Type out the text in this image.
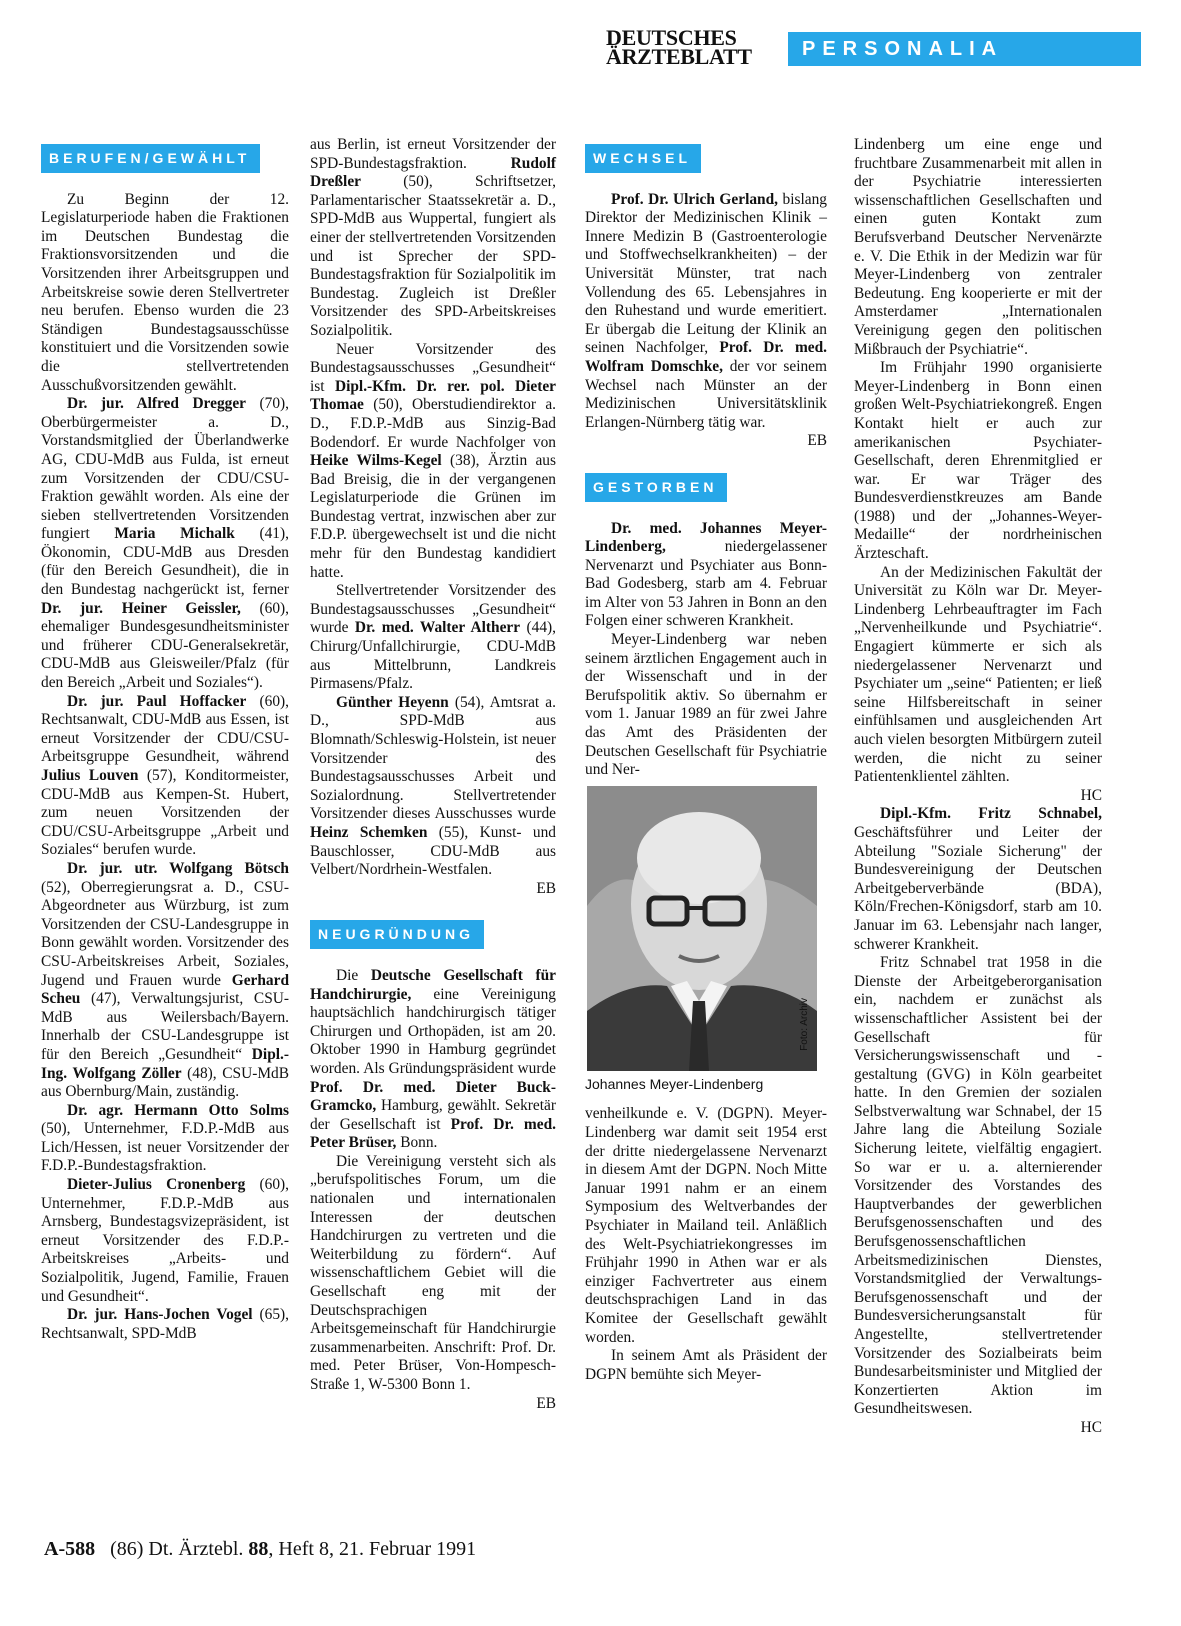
DEUTSCHES
ÄRZTEBLATT	PERSONALIA
BERUFEN/GEWÄHLT

Zu Beginn der 12. Legislaturperiode haben die Fraktionen im Deutschen Bundestag die Fraktionsvorsitzenden und die Vorsitzenden ihrer Arbeitsgruppen und Arbeitskreise sowie deren Stellvertreter neu berufen. Ebenso wurden die 23 Ständigen Bundestagsausschüsse konstituiert und die Vorsitzenden sowie die stellvertretenden Ausschußvorsitzenden gewählt.

Dr. jur. Alfred Dregger (70), Oberbürgermeister a. D., Vorstandsmitglied der Überlandwerke AG, CDU-MdB aus Fulda, ist erneut zum Vorsitzenden der CDU/CSU-Fraktion gewählt worden. Als eine der sieben stellvertretenden Vorsitzenden fungiert Maria Michalk (41), Ökonomin, CDU-MdB aus Dresden (für den Bereich Gesundheit), die in den Bundestag nachgerückt ist, ferner Dr. jur. Heiner Geissler, (60), ehemaliger Bundesgesundheitsminister und früherer CDU-Generalsekretär, CDU-MdB aus Gleisweiler/Pfalz (für den Bereich „Arbeit und Soziales“).

Dr. jur. Paul Hoffacker (60), Rechtsanwalt, CDU-MdB aus Essen, ist erneut Vorsitzender der CDU/CSU-Arbeitsgruppe Gesundheit, während Julius Louven (57), Konditormeister, CDU-MdB aus Kempen-St. Hubert, zum neuen Vorsitzenden der CDU/CSU-Arbeitsgruppe „Arbeit und Soziales“ berufen wurde.

Dr. jur. utr. Wolfgang Bötsch (52), Oberregierungsrat a. D., CSU-Abgeordneter aus Würzburg, ist zum Vorsitzenden der CSU-Landesgruppe in Bonn gewählt worden. Vorsitzender des CSU-Arbeitskreises Arbeit, Soziales, Jugend und Frauen wurde Gerhard Scheu (47), Verwaltungsjurist, CSU-MdB aus Weilersbach/Bayern. Innerhalb der CSU-Landesgruppe ist für den Bereich „Gesundheit“ Dipl.-Ing. Wolfgang Zöller (48), CSU-MdB aus Obernburg/Main, zuständig.

Dr. agr. Hermann Otto Solms (50), Unternehmer, F.D.P.-MdB aus Lich/Hessen, ist neuer Vorsitzender der F.D.P.-Bundestagsfraktion.

Dieter-Julius Cronenberg (60), Unternehmer, F.D.P.-MdB aus Arnsberg, Bundestagsvizepräsident, ist erneut Vorsitzender des F.D.P.-Arbeitskreises „Arbeits- und Sozialpolitik, Jugend, Familie, Frauen und Gesundheit“.

Dr. jur. Hans-Jochen Vogel (65), Rechtsanwalt, SPD-MdB

aus Berlin, ist erneut Vorsitzender der SPD-Bundestagsfraktion. Rudolf Dreßler (50), Schriftsetzer, Parlamentarischer Staatssekretär a. D., SPD-MdB aus Wuppertal, fungiert als einer der stellvertretenden Vorsitzenden und ist Sprecher der SPD-Bundestagsfraktion für Sozialpolitik im Bundestag. Zugleich ist Dreßler Vorsitzender des SPD-Arbeitskreises Sozialpolitik.

Neuer Vorsitzender des Bundestagsausschusses „Gesundheit“ ist Dipl.-Kfm. Dr. rer. pol. Dieter Thomae (50), Oberstudiendirektor a. D., F.D.P.-MdB aus Sinzig-Bad Bodendorf. Er wurde Nachfolger von Heike Wilms-Kegel (38), Ärztin aus Bad Breisig, die in der vergangenen Legislaturperiode die Grünen im Bundestag vertrat, inzwischen aber zur F.D.P. übergewechselt ist und die nicht mehr für den Bundestag kandidiert hatte.

Stellvertretender Vorsitzender des Bundestagsausschusses „Gesundheit“ wurde Dr. med. Walter Altherr (44), Chirurg/Unfallchirurgie, CDU-MdB aus Mittelbrunn, Landkreis Pirmasens/Pfalz.

Günther Heyenn (54), Amtsrat a. D., SPD-MdB aus Blomnath/Schleswig-Holstein, ist neuer Vorsitzender des Bundestagsausschusses Arbeit und Sozialordnung. Stellvertretender Vorsitzender dieses Ausschusses wurde Heinz Schemken (55), Kunst- und Bauschlosser, CDU-MdB aus Velbert/Nordrhein-Westfalen.

EB
NEUGRÜNDUNG

Die Deutsche Gesellschaft für Handchirurgie, eine Vereinigung hauptsächlich handchirurgisch tätiger Chirurgen und Orthopäden, ist am 20. Oktober 1990 in Hamburg gegründet worden. Als Gründungspräsident wurde Prof. Dr. med. Dieter Buck-Gramcko, Hamburg, gewählt. Sekretär der Gesellschaft ist Prof. Dr. med. Peter Brüser, Bonn.

Die Vereinigung versteht sich als „berufspolitisches Forum, um die nationalen und internationalen Interessen der deutschen Handchirurgen zu vertreten und die Weiterbildung zu fördern“. Auf wissenschaftlichem Gebiet will die Gesellschaft eng mit der Deutschsprachigen Arbeitsgemeinschaft für Handchirurgie zusammenarbeiten. Anschrift: Prof. Dr. med. Peter Brüser, Von-Hompesch-Straße 1, W-5300 Bonn 1.

EB
WECHSEL

Prof. Dr. Ulrich Gerland, bislang Direktor der Medizinischen Klinik – Innere Medizin B (Gastroenterologie und Stoffwechselkrankheiten) – der Universität Münster, trat nach Vollendung des 65. Lebensjahres in den Ruhestand und wurde emeritiert. Er übergab die Leitung der Klinik an seinen Nachfolger, Prof. Dr. med. Wolfram Domschke, der vor seinem Wechsel nach Münster an der Medizinischen Universitätsklinik Erlangen-Nürnberg tätig war.

EB
GESTORBEN

Dr. med. Johannes Meyer-Lindenberg, niedergelassener Nervenarzt und Psychiater aus Bonn-Bad Godesberg, starb am 4. Februar im Alter von 53 Jahren in Bonn an den Folgen einer schweren Krankheit.

Meyer-Lindenberg war neben seinem ärztlichen Engagement auch in der Wissenschaft und in der Berufspolitik aktiv. So übernahm er vom 1. Januar 1989 an für zwei Jahre das Amt des Präsidenten der Deutschen Gesellschaft für Psychiatrie und Ner-

Foto: Archiv
Johannes Meyer-Lindenberg

venheilkunde e. V. (DGPN). Meyer-Lindenberg war damit seit 1954 erst der dritte niedergelassene Nervenarzt in diesem Amt der DGPN. Noch Mitte Januar 1991 nahm er an einem Symposium des Weltverbandes der Psychiater in Mailand teil. Anläßlich des Welt-Psychiatriekongresses im Frühjahr 1990 in Athen war er als einziger Fachvertreter aus einem deutschsprachigen Land in das Komitee der Gesellschaft gewählt worden.

In seinem Amt als Präsident der DGPN bemühte sich Meyer-

Lindenberg um eine enge und fruchtbare Zusammenarbeit mit allen in der Psychiatrie interessierten wissenschaftlichen Gesellschaften und einen guten Kontakt zum Berufsverband Deutscher Nervenärzte e. V. Die Ethik in der Medizin war für Meyer-Lindenberg von zentraler Bedeutung. Eng kooperierte er mit der Amsterdamer „Internationalen Vereinigung gegen den politischen Mißbrauch der Psychiatrie“.

Im Frühjahr 1990 organisierte Meyer-Lindenberg in Bonn einen großen Welt-Psychiatriekongreß. Engen Kontakt hielt er auch zur amerikanischen Psychiater-Gesellschaft, deren Ehrenmitglied er war. Er war Träger des Bundesverdienstkreuzes am Bande (1988) und der „Johannes-Weyer-Medaille“ der nordrheinischen Ärzteschaft.

An der Medizinischen Fakultät der Universität zu Köln war Dr. Meyer-Lindenberg Lehrbeauftragter im Fach „Nervenheilkunde und Psychiatrie“. Engagiert kümmerte er sich als niedergelassener Nervenarzt und Psychiater um „seine“ Patienten; er ließ seine Hilfsbereitschaft in seiner einfühlsamen und ausgleichenden Art auch vielen besorgten Mitbürgern zuteil werden, die nicht zu seiner Patientenklientel zählten.

HC

Dipl.-Kfm. Fritz Schnabel, Geschäftsführer und Leiter der Abteilung "Soziale Sicherung" der Bundesvereinigung der Deutschen Arbeitgeberverbände (BDA), Köln/Frechen-Königsdorf, starb am 10. Januar im 63. Lebensjahr nach langer, schwerer Krankheit.

Fritz Schnabel trat 1958 in die Dienste der Arbeitgeberorganisation ein, nachdem er zunächst als wissenschaftlicher Assistent bei der Gesellschaft für Versicherungswissenschaft und -gestaltung (GVG) in Köln gearbeitet hatte. In den Gremien der sozialen Selbstverwaltung war Schnabel, der 15 Jahre lang die Abteilung Soziale Sicherung leitete, vielfältig engagiert. So war er u. a. alternierender Vorsitzender des Vorstandes des Hauptverbandes der gewerblichen Berufsgenossenschaften und des Berufsgenossenschaftlichen Arbeitsmedizinischen Dienstes, Vorstandsmitglied der Verwaltungs-Berufsgenossenschaft und der Bundesversicherungsanstalt für Angestellte, stellvertretender Vorsitzender des Sozialbeirats beim Bundesarbeitsminister und Mitglied der Konzertierten Aktion im Gesundheitswesen.

HC
A-588 (86) Dt. Ärztebl. 88, Heft 8, 21. Februar 1991
